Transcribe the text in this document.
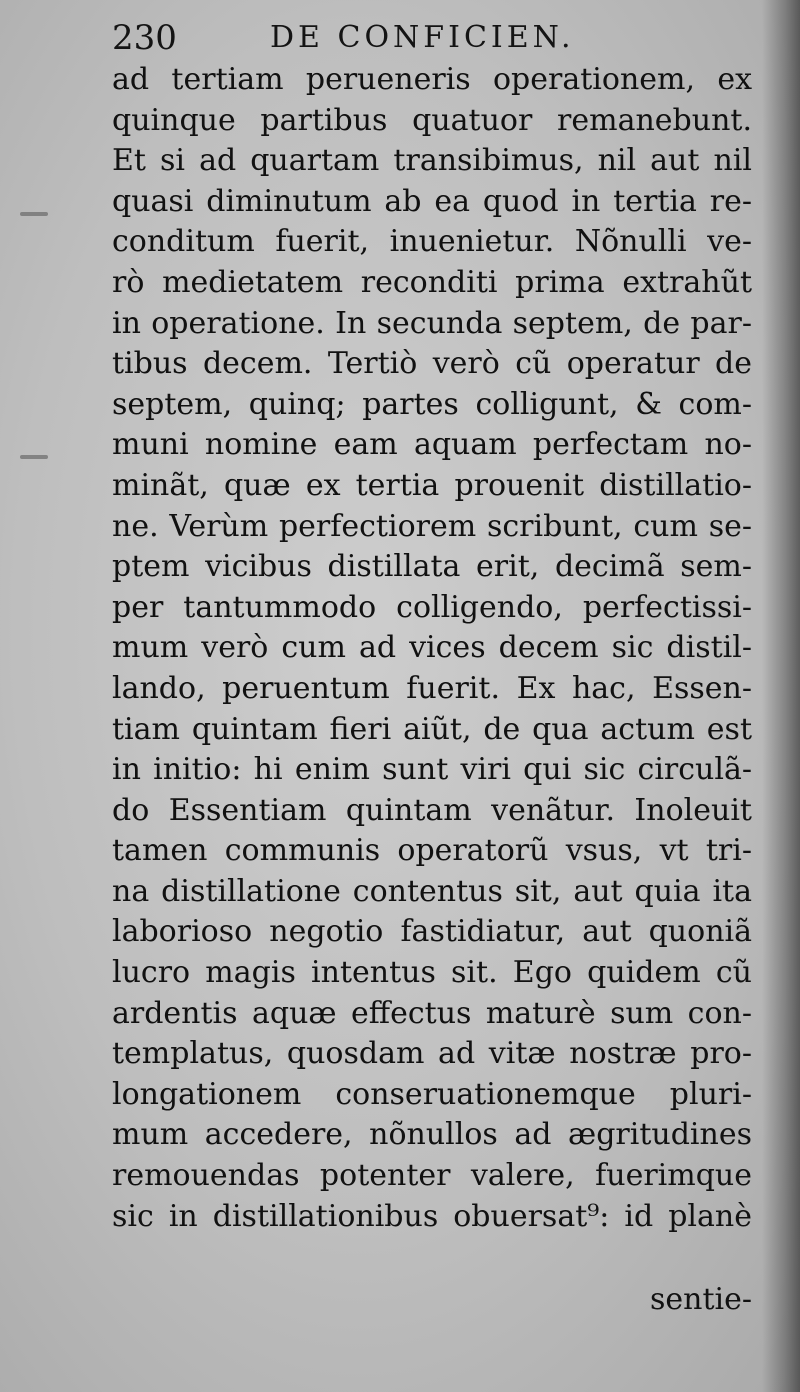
230	DE CONFICIEN.
ad tertiam perueneris operationem, ex
quinque partibus quatuor remanebunt.
Et si ad quartam transibimus, nil aut nil
quasi diminutum ab ea quod in tertia re-
conditum fuerit, inuenietur. Nõnulli ve-
rò medietatem reconditi prima extrahũt
in operatione. In secunda septem, de par-
tibus decem. Tertiò verò cũ operatur de
septem, quinq; partes colligunt, & com-
muni nomine eam aquam perfectam no-
minãt, quæ ex tertia prouenit distillatio-
ne. Verùm perfectiorem scribunt, cum se-
ptem vicibus distillata erit, decimã sem-
per tantummodo colligendo, perfectissi-
mum verò cum ad vices decem sic distil-
lando, peruentum fuerit. Ex hac, Essen-
tiam quintam fieri aiũt, de qua actum est
in initio: hi enim sunt viri qui sic circulã-
do Essentiam quintam venãtur. Inoleuit
tamen communis operatorũ vsus, vt tri-
na distillatione contentus sit, aut quia ita
laborioso negotio fastidiatur, aut quoniã
lucro magis intentus sit. Ego quidem cũ
ardentis aquæ effectus maturè sum con-
templatus, quosdam ad vitæ nostræ pro-
longationem conseruationemque pluri-
mum accedere, nõnullos ad ægritudines
remouendas potenter valere, fuerimque
sic in distillationibus obuersat⁹: id planè
sentie-
